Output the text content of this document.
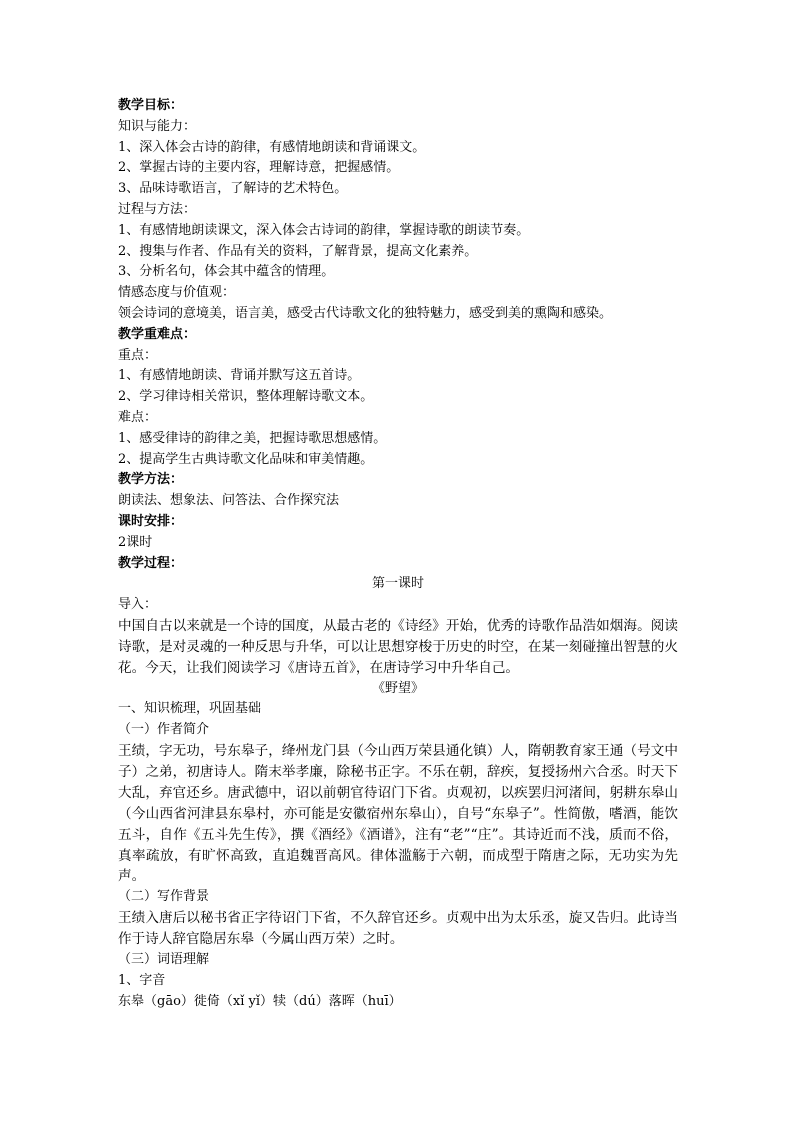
教学目标：
知识与能力：
1、深入体会古诗的韵律，有感情地朗读和背诵课文。
2、掌握古诗的主要内容，理解诗意，把握感情。
3、品味诗歌语言，了解诗的艺术特色。
过程与方法：
1、有感情地朗读课文，深入体会古诗词的韵律，掌握诗歌的朗读节奏。
2、搜集与作者、作品有关的资料，了解背景，提高文化素养。
3、分析名句，体会其中蕴含的情理。
情感态度与价值观：
领会诗词的意境美，语言美，感受古代诗歌文化的独特魅力，感受到美的熏陶和感染。
教学重难点：
重点：
1、有感情地朗读、背诵并默写这五首诗。
2、学习律诗相关常识，整体理解诗歌文本。
难点：
1、感受律诗的韵律之美，把握诗歌思想感情。
2、提高学生古典诗歌文化品味和审美情趣。
教学方法：
朗读法、想象法、问答法、合作探究法
课时安排：
2课时
教学过程：
第一课时
导入：
中国自古以来就是一个诗的国度，从最古老的《诗经》开始，优秀的诗歌作品浩如烟海。阅读诗歌，是对灵魂的一种反思与升华，可以让思想穿梭于历史的时空，在某一刻碰撞出智慧的火花。今天，让我们阅读学习《唐诗五首》，在唐诗学习中升华自己。
《野望》
一、知识梳理，巩固基础
（一）作者简介
王绩，字无功，号东皋子，绛州龙门县（今山西万荣县通化镇）人，隋朝教育家王通（号文中子）之弟，初唐诗人。隋末举孝廉，除秘书正字。不乐在朝，辞疾，复授扬州六合丞。时天下大乱，弃官还乡。唐武德中，诏以前朝官待诏门下省。贞观初，以疾罢归河渚间，躬耕东皋山（今山西省河津县东皋村，亦可能是安徽宿州东皋山），自号“东皋子”。性简傲，嗜酒，能饮五斗，自作《五斗先生传》，撰《酒经》《酒谱》，注有“老”“庄”。其诗近而不浅，质而不俗，真率疏放，有旷怀高致，直追魏晋高风。律体滥觞于六朝，而成型于隋唐之际，无功实为先声。
（二）写作背景
王绩入唐后以秘书省正字待诏门下省，不久辞官还乡。贞观中出为太乐丞，旋又告归。此诗当作于诗人辞官隐居东皋（今属山西万荣）之时。
（三）词语理解
1、字音
东皋（gāo）徙倚（xǐ yǐ）犊（dú）落晖（huī）
